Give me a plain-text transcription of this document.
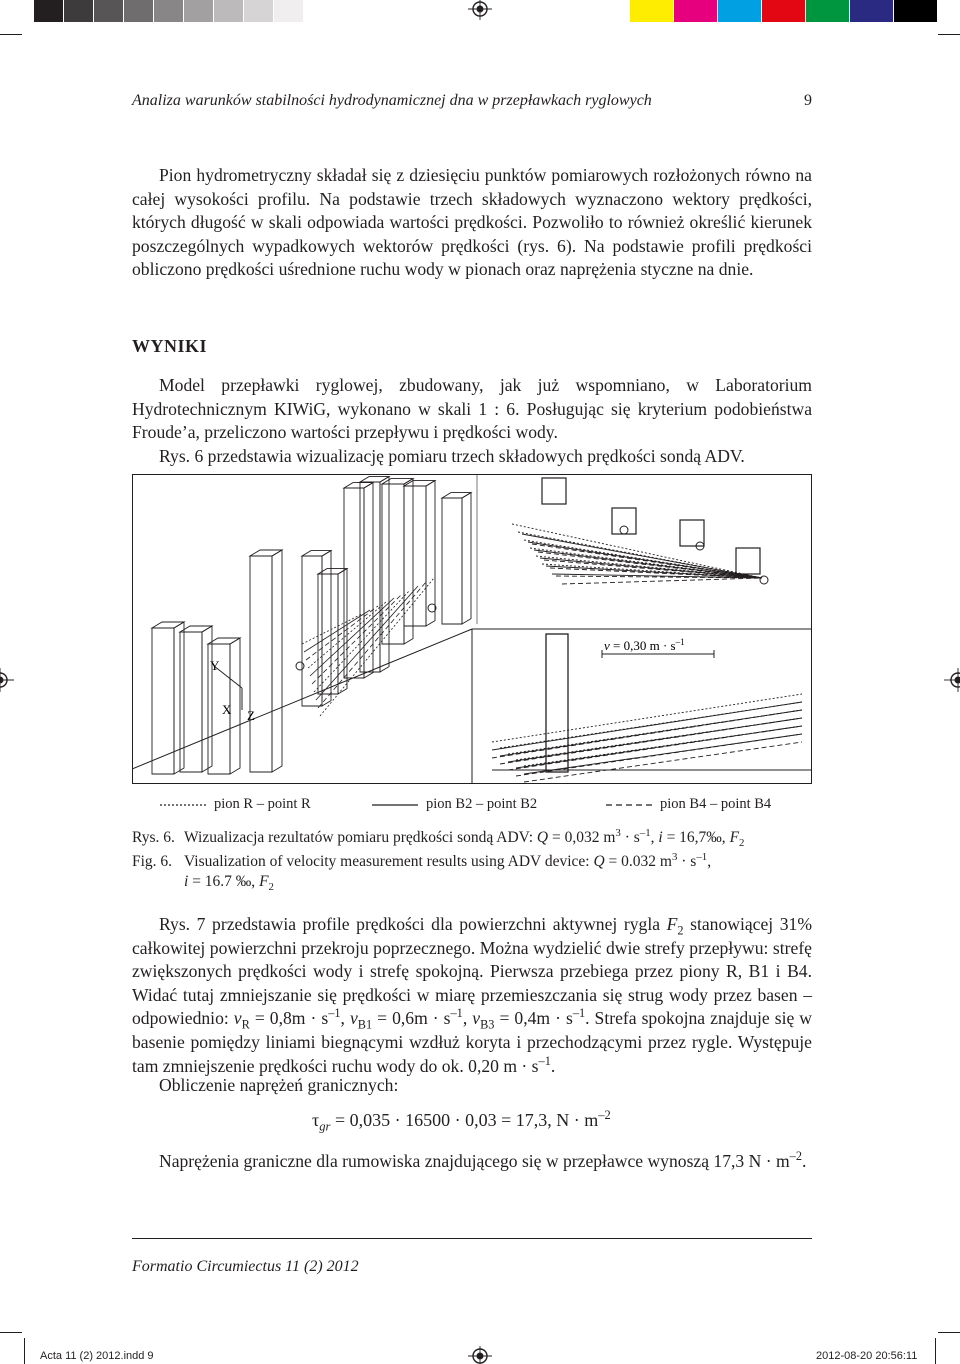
Analiza warunków stabilności hydrodynamicznej dna w przepławkach ryglowych	9

Pion hydrometryczny składał się z dziesięciu punktów pomiarowych rozłożonych równo na całej wysokości profilu. Na podstawie trzech składowych wyznaczono wektory prędkości, których długość w skali odpowiada wartości prędkości. Pozwoliło to również określić kierunek poszczególnych wypadkowych wektorów prędkości (rys. 6). Na podstawie profili prędkości obliczono prędkości uśrednione ruchu wody w pionach oraz naprężenia styczne na dnie.

WYNIKI

Model przepławki ryglowej, zbudowany, jak już wspomniano, w Laboratorium Hydrotechnicznym KIWiG, wykonano w skali 1 : 6. Posługując się kryterium podobieństwa Froude’a, przeliczono wartości przepływu i prędkości wody.

Rys. 6 przedstawia wizualizację pomiaru trzech składowych prędkości sondą ADV.

Y
X Z
v = 0,30 $m \cdot s^{-1}$
pion R – point R	pion B2 – point B2	pion B4 – point B4
Rys. 6. Wizualizacja rezultatów pomiaru prędkości sondą ADV: Q = 0,032 $m^3 \cdot s^{-1}$, i = 16,7‰, $F_2$
Fig. 6. Visualization of velocity measurement results using ADV device: Q = 0.032 $m^3 \cdot s^{-1}$,
i = 16.7 ‰, $F_2$

Rys. 7 przedstawia profile prędkości dla powierzchni aktywnej rygla $F_2$ stanowiącej 31% całkowitej powierzchni przekroju poprzecznego. Można wydzielić dwie strefy przepływu: strefę zwiększonych prędkości wody i strefę spokojną. Pierwsza przebiega przez piony R, B1 i B4. Widać tutaj zmniejszanie się prędkości w miarę przemieszczania się strug wody przez basen – odpowiednio: $v_R = 0,8m \cdot s^{-1}$, $v_{B1} = 0,6m \cdot s^{-1}$, $v_{B3} = 0,4m \cdot s^{-1}$. Strefa spokojna znajduje się w basenie pomiędzy liniami biegnącymi wzdłuż koryta i przechodzącymi przez rygle. Występuje tam zmniejszenie prędkości ruchu wody do ok. 0,20 $m \cdot s^{-1}$.

Obliczenie naprężeń granicznych:

$\tau_{gr} = 0,035 \cdot 16500 \cdot 0,03 = 17,3$, $N \cdot m^{-2}$

Naprężenia graniczne dla rumowiska znajdującego się w przepławce wynoszą 17,3 $N \cdot m^{-2}$.

Formatio Circumiectus 11 (2) 2012
Acta 11 (2) 2012.indd 9	2012-08-20 20:56:11
